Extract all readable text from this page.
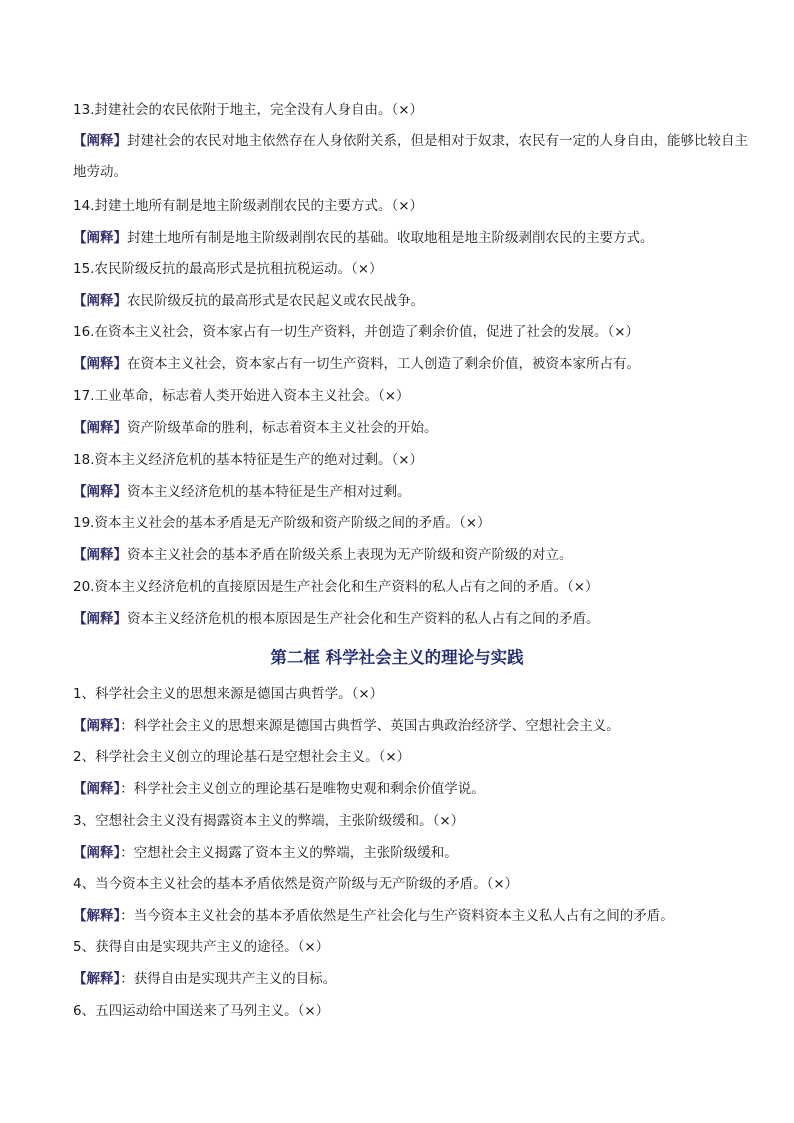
13.封建社会的农民依附于地主，完全没有人身自由。（×）
【阐释】封建社会的农民对地主依然存在人身依附关系，但是相对于奴隶，农民有一定的人身自由，能够比较自主地劳动。
14.封建土地所有制是地主阶级剥削农民的主要方式。（×）
【阐释】封建土地所有制是地主阶级剥削农民的基础。收取地租是地主阶级剥削农民的主要方式。
15.农民阶级反抗的最高形式是抗租抗税运动。（×）
【阐释】农民阶级反抗的最高形式是农民起义或农民战争。
16.在资本主义社会，资本家占有一切生产资料，并创造了剩余价值，促进了社会的发展。（×）
【阐释】在资本主义社会，资本家占有一切生产资料，工人创造了剩余价值，被资本家所占有。
17.工业革命，标志着人类开始进入资本主义社会。（×）
【阐释】资产阶级革命的胜利，标志着资本主义社会的开始。
18.资本主义经济危机的基本特征是生产的绝对过剩。（×）
【阐释】资本主义经济危机的基本特征是生产相对过剩。
19.资本主义社会的基本矛盾是无产阶级和资产阶级之间的矛盾。（×）
【阐释】资本主义社会的基本矛盾在阶级关系上表现为无产阶级和资产阶级的对立。
20.资本主义经济危机的直接原因是生产社会化和生产资料的私人占有之间的矛盾。（×）
【阐释】资本主义经济危机的根本原因是生产社会化和生产资料的私人占有之间的矛盾。
第二框 科学社会主义的理论与实践
1、科学社会主义的思想来源是德国古典哲学。（×）
【阐释】：科学社会主义的思想来源是德国古典哲学、英国古典政治经济学、空想社会主义。
2、科学社会主义创立的理论基石是空想社会主义。（×）
【阐释】：科学社会主义创立的理论基石是唯物史观和剩余价值学说。
3、空想社会主义没有揭露资本主义的弊端，主张阶级缓和。（×）
【阐释】：空想社会主义揭露了资本主义的弊端，主张阶级缓和。
4、当今资本主义社会的基本矛盾依然是资产阶级与无产阶级的矛盾。（×）
【解释】：当今资本主义社会的基本矛盾依然是生产社会化与生产资料资本主义私人占有之间的矛盾。
5、获得自由是实现共产主义的途径。（×）
【解释】：获得自由是实现共产主义的目标。
6、五四运动给中国送来了马列主义。（×）
